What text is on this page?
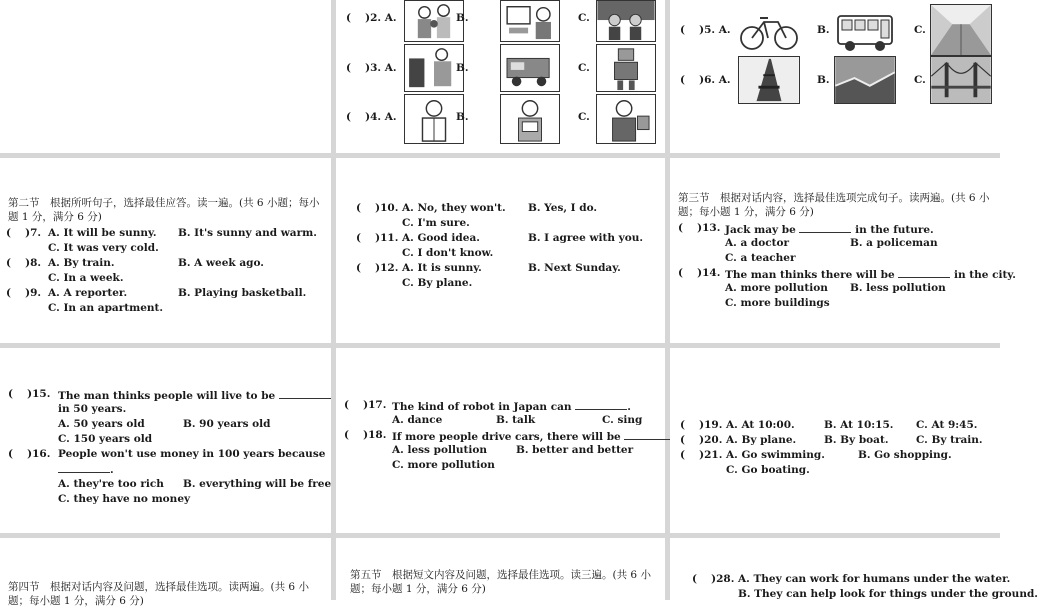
(　 )2. A.	B.	C.
(　 )3. A.	B.	C.
(　 )4. A.	B.	C.
(　 )5. A.	B.	C.
(　 )6. A.	B.	C.
第二节　根据所听句子，选择最佳应答。读一遍。(共 6 小题；每小题 1 分，满分 6 分)
(　 )7. A. It will be sunny. B. It's sunny and warm.
C. It was very cold.
(　 )8. A. By train.	B. A week ago.
C. In a week.
(　 )9. A. A reporter.	B. Playing basketball.
C. In an apartment.
(　 )10. A. No, they won't. B. Yes, I do.
C. I'm sure.
(　 )11. A. Good idea.	B. I agree with you.
C. I don't know.
(　 )12. A. It is sunny.	B. Next Sunday.
C. By plane.
第三节　根据对话内容，选择最佳选项完成句子。读两遍。(共 6 小题；每小题 1 分，满分 6 分)
(　 )13. Jack may be	in the future.
A. a doctor	B. a policeman
C. a teacher
(　 )14. The man thinks there will be	in the city.
A. more pollution B. less pollution
C. more buildings
(　 )15. The man thinks people will live to be
in 50 years.
A. 50 years old	B. 90 years old
C. 150 years old
(　 )16. People won't use money in 100 years because
.
A. they're too rich B. everything will be free
C. they have no money
(　 )17. The kind of robot in Japan can	.
A. dance	B. talk	C. sing
(　 )18. If more people drive cars, there will be
A. less pollution	B. better and better
C. more pollution
(　 )19. A. At 10:00.	B. At 10:15. C. At 9:45.
(　 )20. A. By plane.	B. By boat.	C. By train.
(　 )21. A. Go swimming.	B. Go shopping.
C. Go boating.
第四节　根据对话内容及问题，选择最佳选项。读两遍。(共 6 小题；每小题 1 分，满分 6 分)
第五节　根据短文内容及问题，选择最佳选项。读三遍。(共 6 小题；每小题 1 分，满分 6 分)
(　 )28. A. They can work for humans under the water.
B. They can help look for things under the ground.
